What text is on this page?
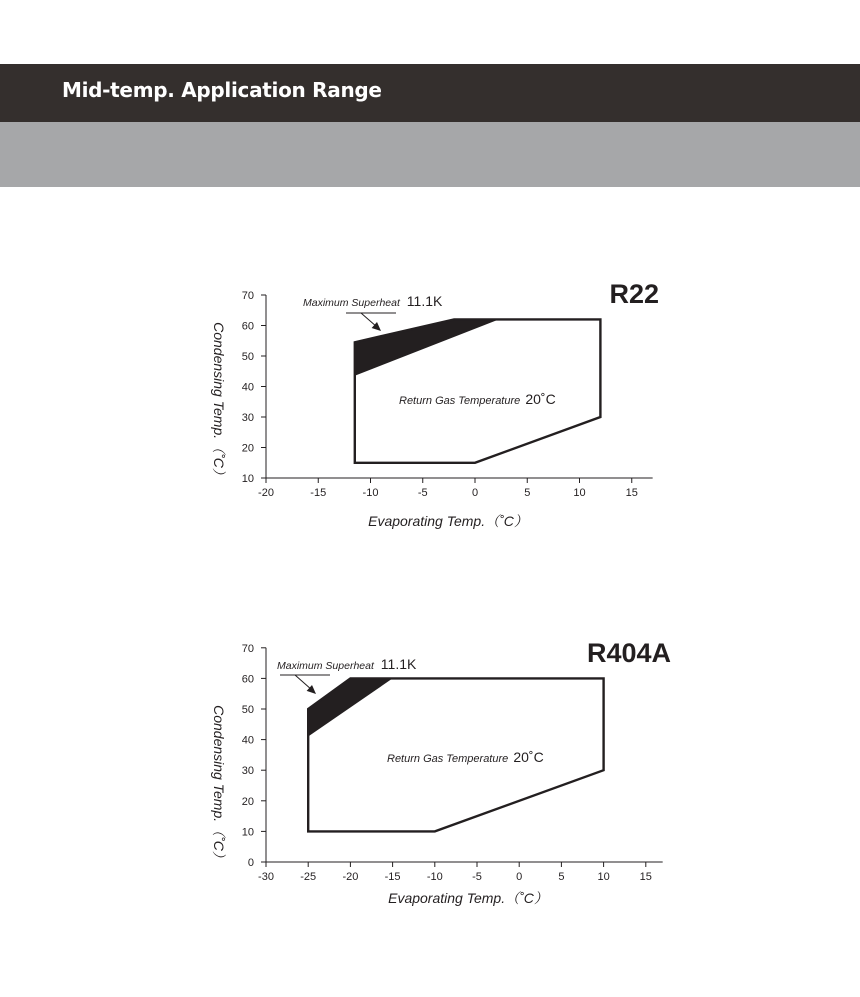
Mid-temp. Application Range
-20	-15	-10	-5	0	5	10	15
10
20
30
40
50
60
70	R22
Maximum Superheat 11.1K
Return Gas Temperature 20˚C
Evaporating Temp.（˚C）
Condensing Temp.（˚C）
-30 -25 -20 -15 -10	-5	0	5	10	15
0
10
20
30
40
50
60
70	R404A
Maximum Superheat 11.1K
Return Gas Temperature 20˚C
Evaporating Temp.（˚C）
Condensing Temp.（˚C）
